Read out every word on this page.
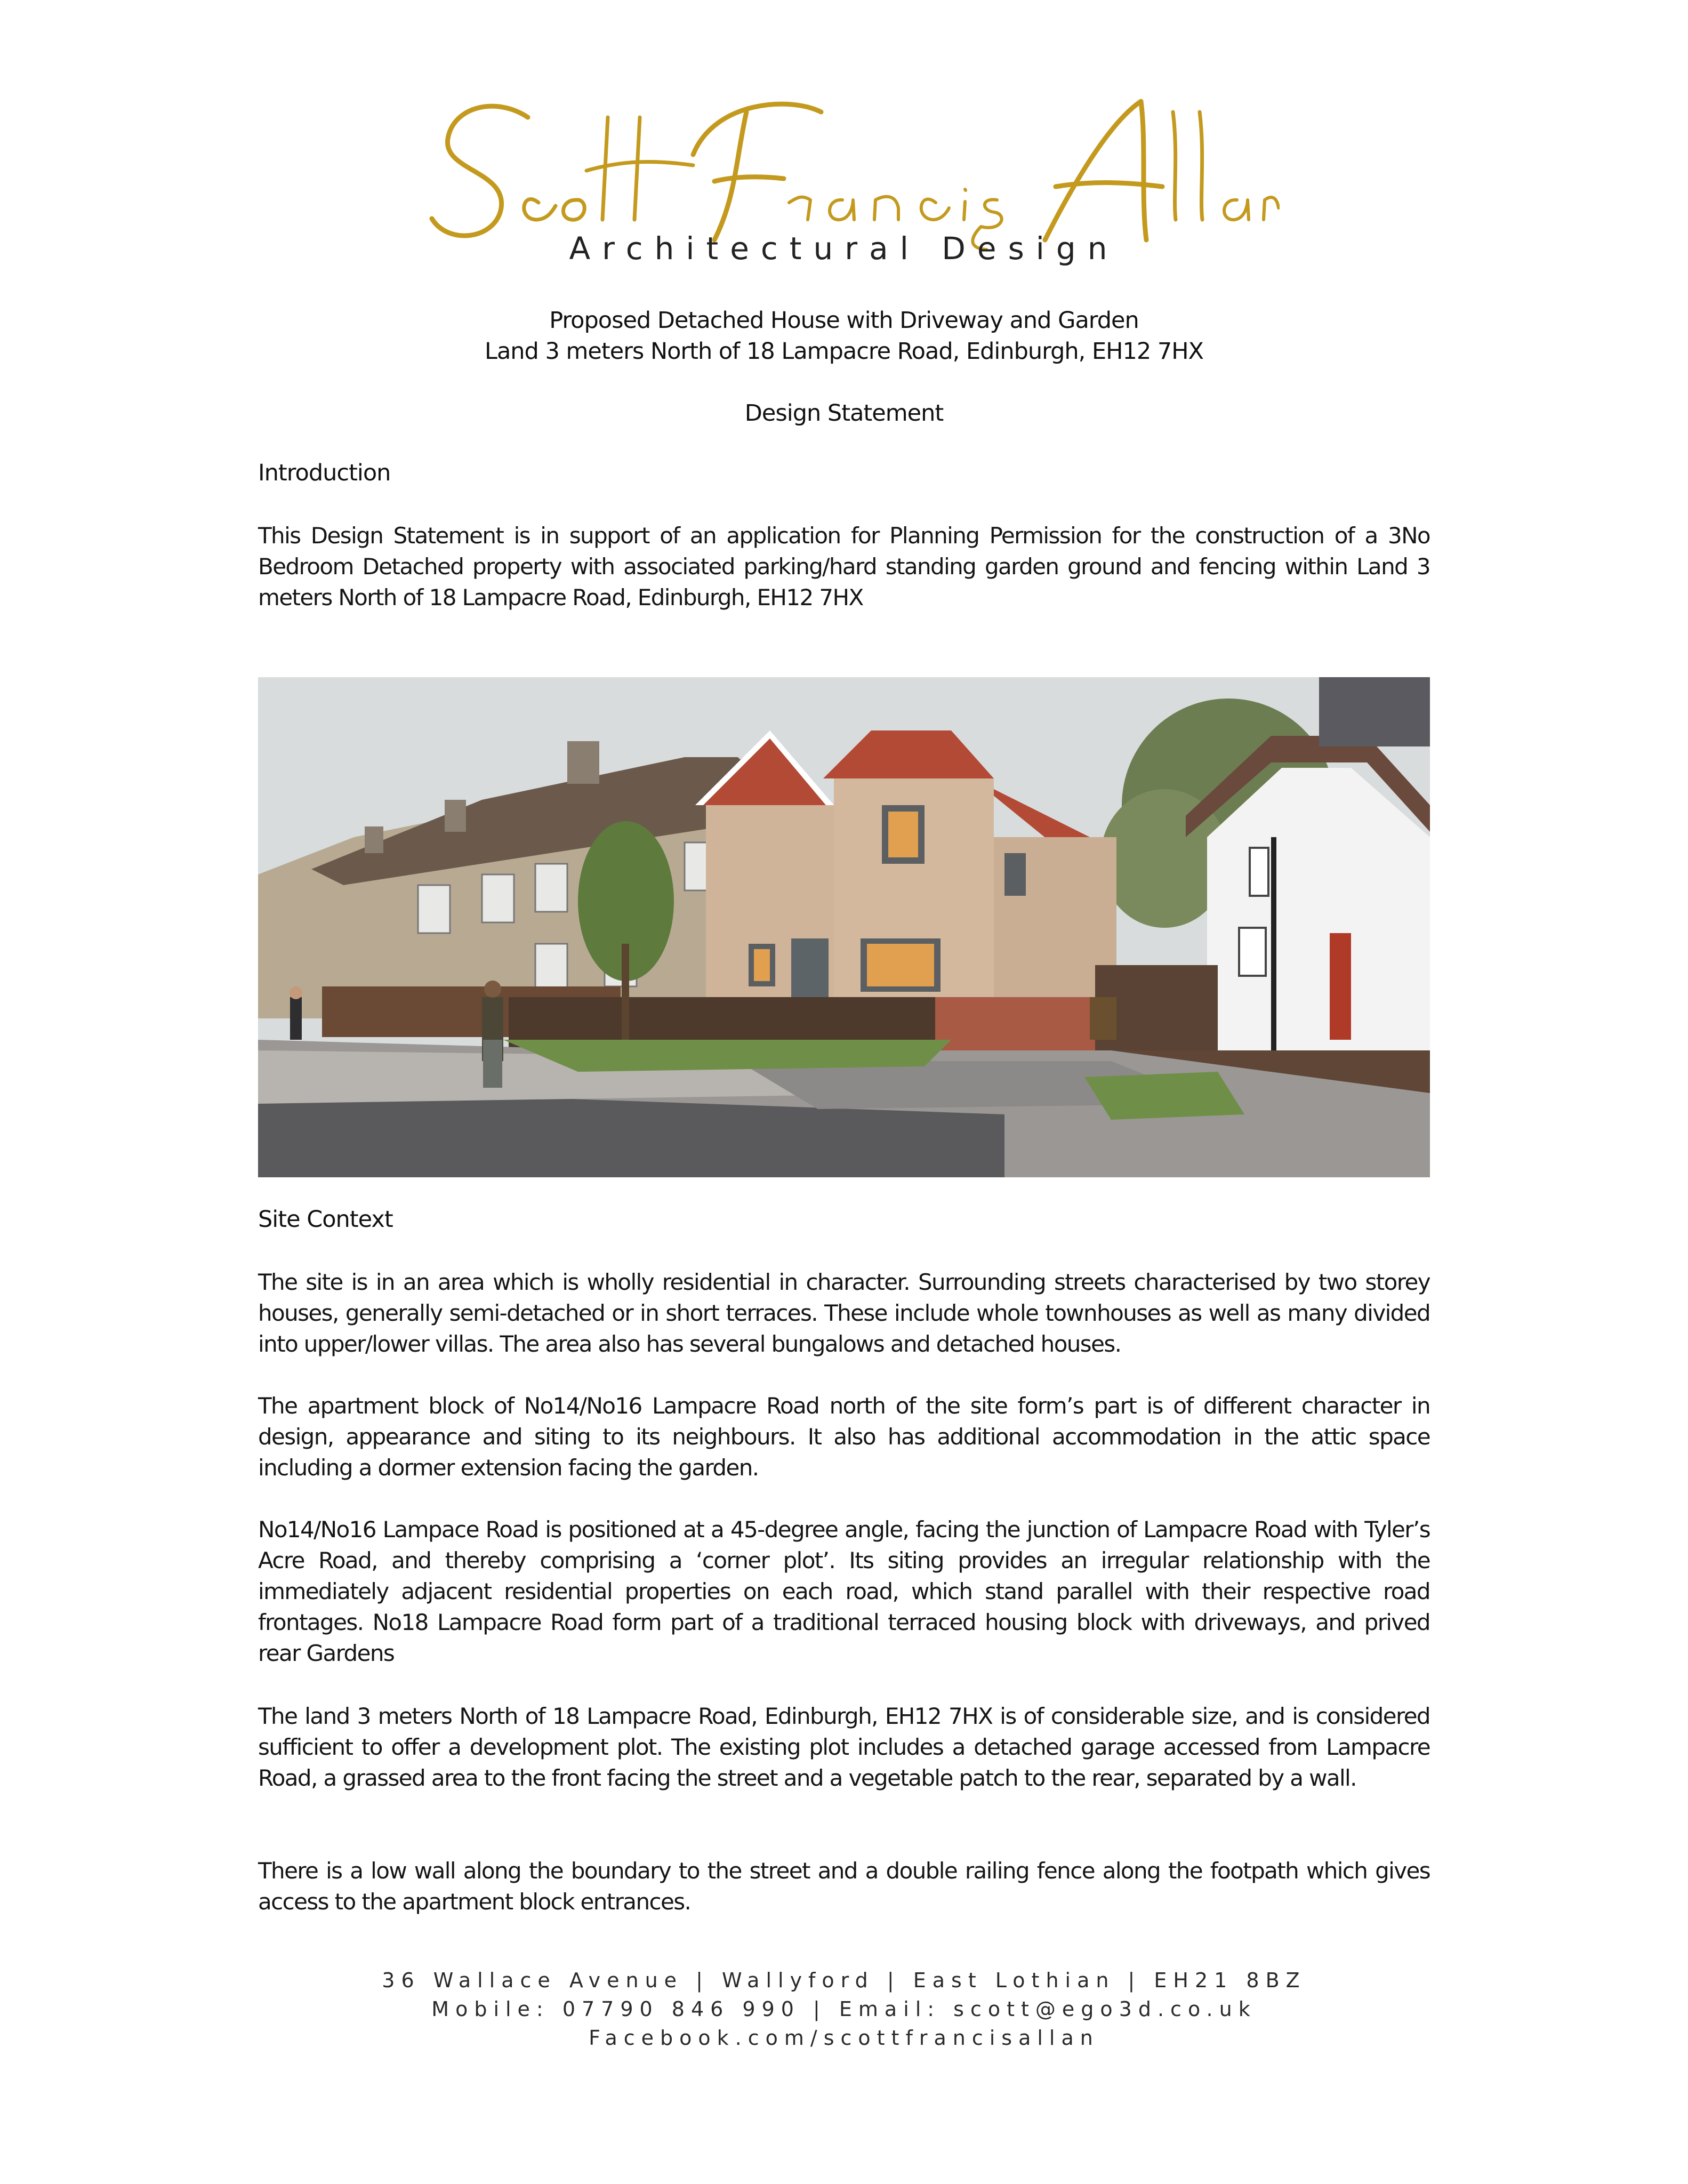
Architectural Design
Proposed Detached House with Driveway and Garden
Land 3 meters North of 18 Lampacre Road, Edinburgh, EH12 7HX
Design Statement
Introduction

This Design Statement is in support of an application for Planning Permission for the construction of a 3No Bedroom Detached property with associated parking/hard standing garden ground and fencing within Land 3 meters North of 18 Lampacre Road, Edinburgh, EH12 7HX

Site Context

The site is in an area which is wholly residential in character. Surrounding streets characterised by two storey houses, generally semi-detached or in short terraces. These include whole townhouses as well as many divided into upper/lower villas. The area also has several bungalows and detached houses.

The apartment block of No14/No16 Lampacre Road north of the site form’s part is of different character in design, appearance and siting to its neighbours. It also has additional accommodation in the attic space including a dormer extension facing the garden.

No14/No16 Lampace Road is positioned at a 45-degree angle, facing the junction of Lampacre Road with Tyler’s Acre Road, and thereby comprising a ‘corner plot’. Its siting provides an irregular relationship with the immediately adjacent residential properties on each road, which stand parallel with their respective road frontages. No18 Lampacre Road form part of a traditional terraced housing block with driveways, and prived rear Gardens

The land 3 meters North of 18 Lampacre Road, Edinburgh, EH12 7HX is of considerable size, and is considered sufficient to offer a development plot. The existing plot includes a detached garage accessed from Lampacre Road, a grassed area to the front facing the street and a vegetable patch to the rear, separated by a wall.

There is a low wall along the boundary to the street and a double railing fence along the footpath which gives access to the apartment block entrances.

36 Wallace Avenue | Wallyford | East Lothian | EH21 8BZ
Mobile: 07790 846 990 | Email: scott@ego3d.co.uk
Facebook.com/scottfrancisallan
